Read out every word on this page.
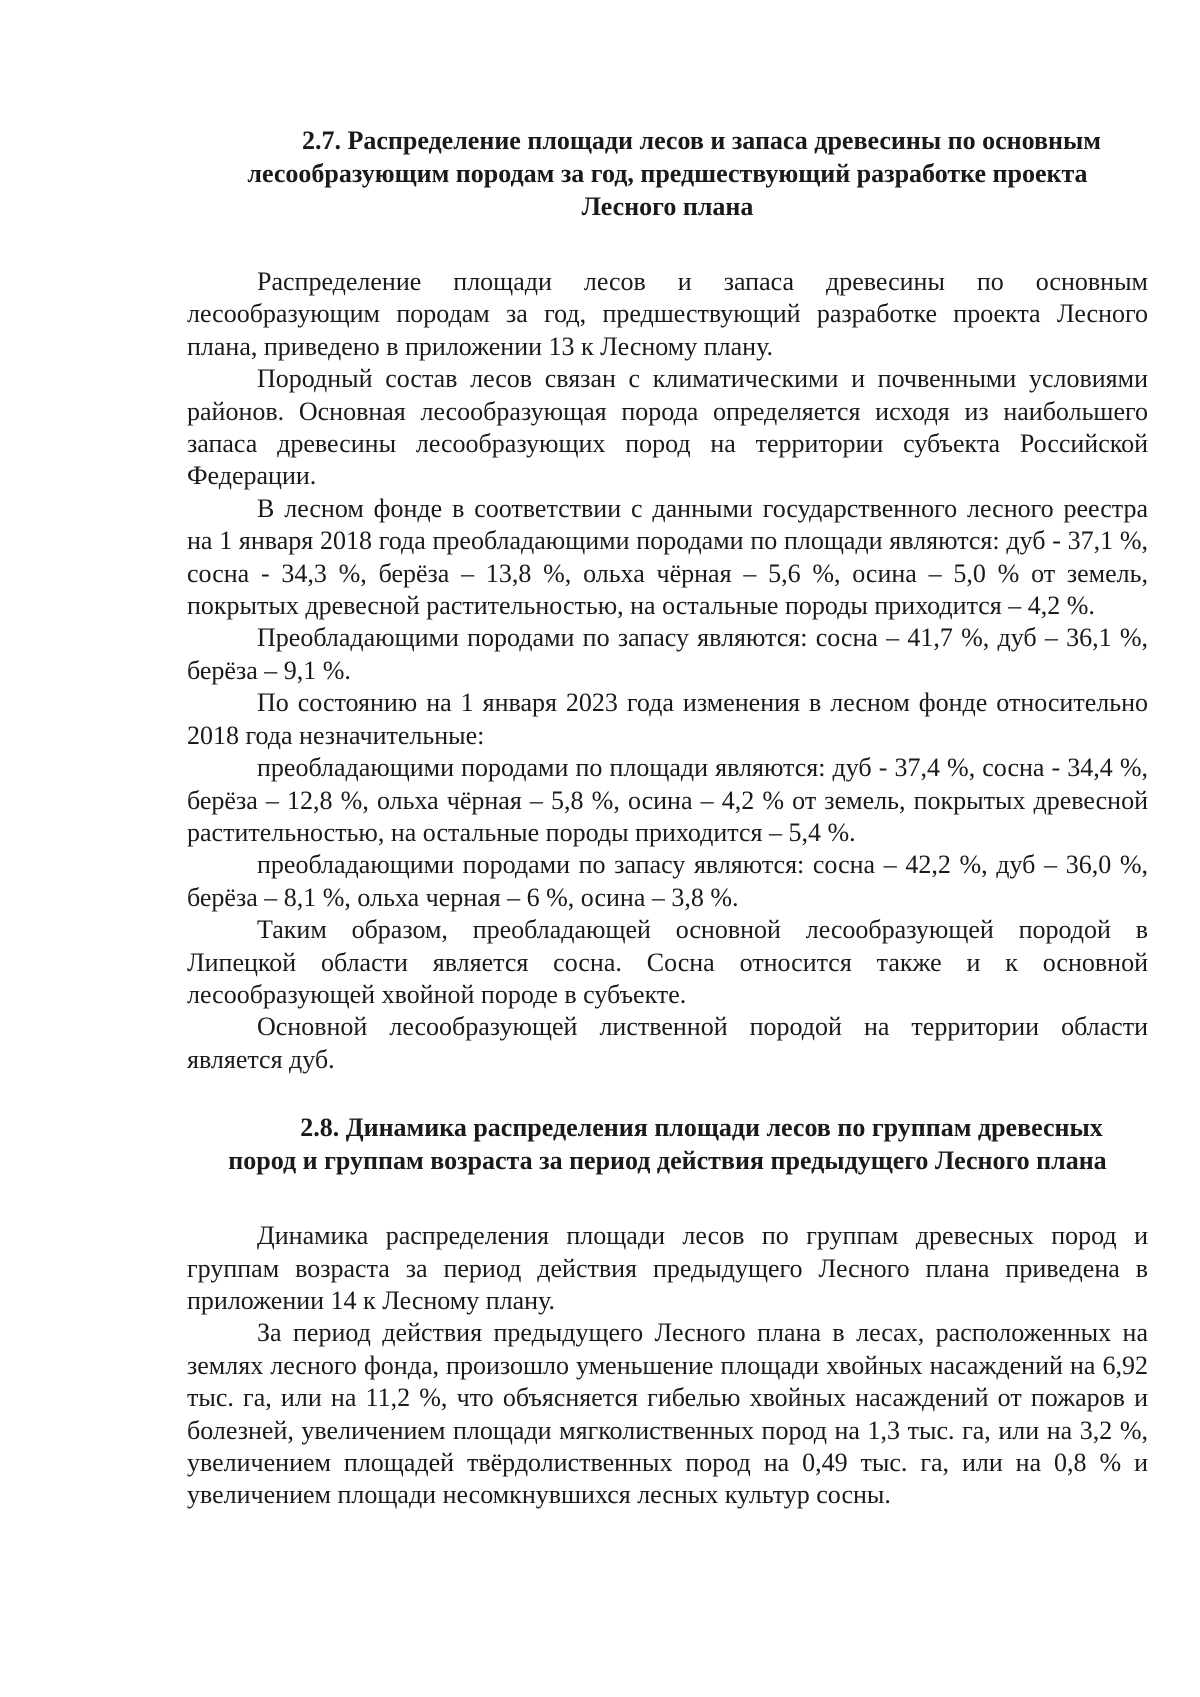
2.7. Распределение площади лесов и запаса древесины по основным
лесообразующим породам за год, предшествующий разработке проекта
Лесного плана

Распределение площади лесов и запаса древесины по основным лесообразующим породам за год, предшествующий разработке проекта Лесного плана, приведено в приложении 13 к Лесному плану.

Породный состав лесов связан с климатическими и почвенными условиями районов. Основная лесообразующая порода определяется исходя из наибольшего запаса древесины лесообразующих пород на территории субъекта Российской Федерации.

В лесном фонде в соответствии с данными государственного лесного реестра на 1 января 2018 года преобладающими породами по площади являются: дуб - 37,1 %, сосна - 34,3 %, берёза – 13,8 %, ольха чёрная – 5,6 %, осина – 5,0 % от земель, покрытых древесной растительностью, на остальные породы приходится – 4,2 %.

Преобладающими породами по запасу являются: сосна – 41,7 %, дуб – 36,1 %, берёза – 9,1 %.

По состоянию на 1 января 2023 года изменения в лесном фонде относительно 2018 года незначительные:

преобладающими породами по площади являются: дуб - 37,4 %, сосна - 34,4 %, берёза – 12,8 %, ольха чёрная – 5,8 %, осина – 4,2 % от земель, покрытых древесной растительностью, на остальные породы приходится – 5,4 %.

преобладающими породами по запасу являются: сосна – 42,2 %, дуб – 36,0 %, берёза – 8,1 %, ольха черная – 6 %, осина – 3,8 %.

Таким образом, преобладающей основной лесообразующей породой в Липецкой области является сосна. Сосна относится также и к основной лесообразующей хвойной породе в субъекте.

Основной лесообразующей лиственной породой на территории области является дуб.

2.8. Динамика распределения площади лесов по группам древесных
пород и группам возраста за период действия предыдущего Лесного плана

Динамика распределения площади лесов по группам древесных пород и группам возраста за период действия предыдущего Лесного плана приведена в приложении 14 к Лесному плану.

За период действия предыдущего Лесного плана в лесах, расположенных на землях лесного фонда, произошло уменьшение площади хвойных насаждений на 6,92 тыс. га, или на 11,2 %, что объясняется гибелью хвойных насаждений от пожаров и болезней, увеличением площади мягколиственных пород на 1,3 тыс. га, или на 3,2 %, увеличением площадей твёрдолиственных пород на 0,49 тыс. га, или на 0,8 % и увеличением площади несомкнувшихся лесных культур сосны.
